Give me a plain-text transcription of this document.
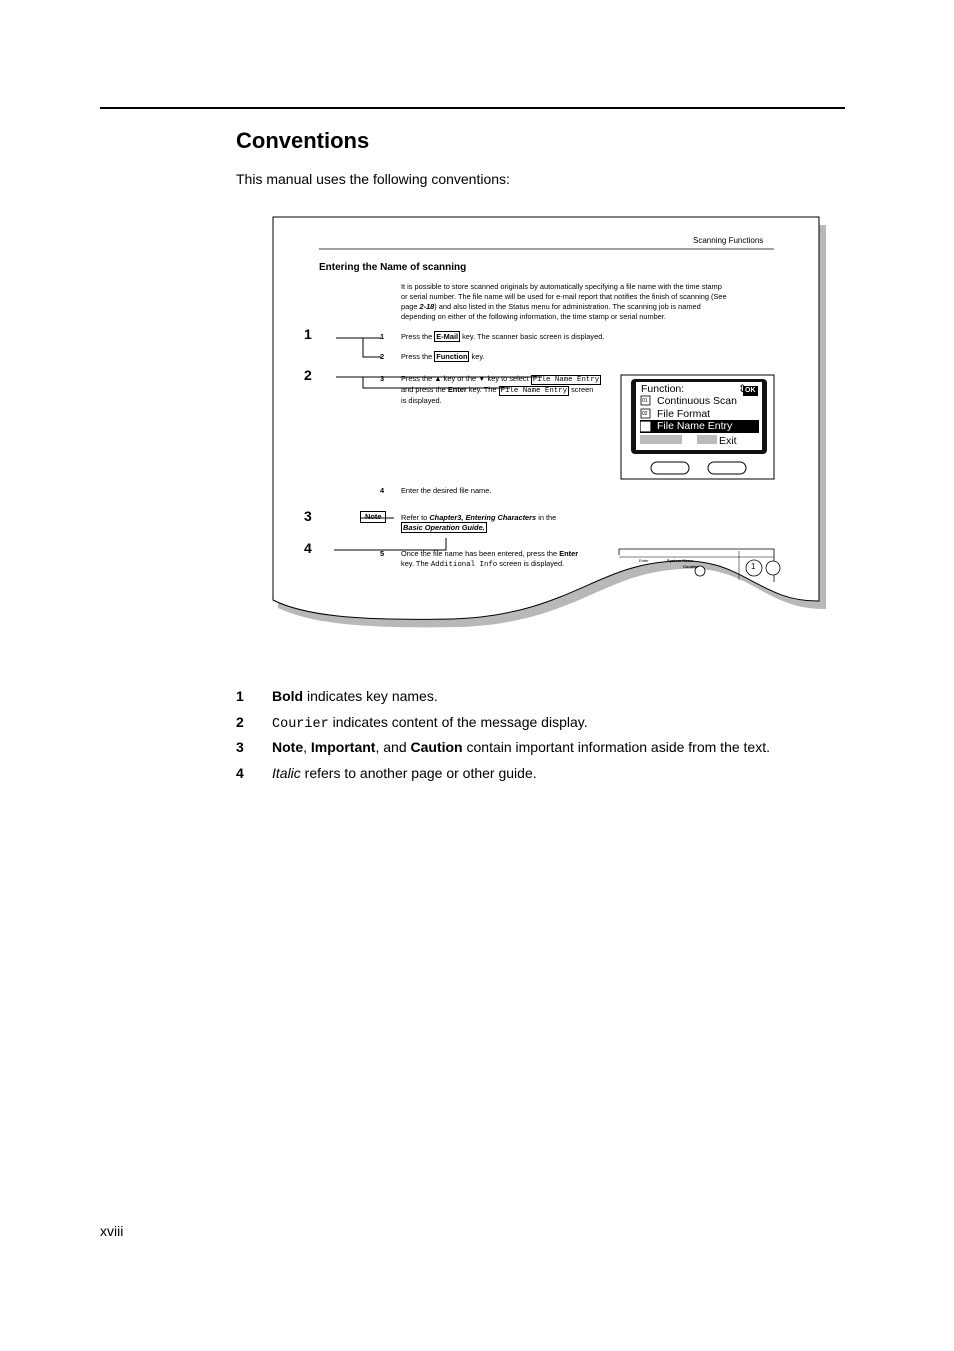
Conventions
This manual uses the following conventions:
Scanning Functions
Entering the Name of scanning
It is possible to store scanned originals by automatically specifying a file name with the time stamp
or serial number. The file name will be used for e-mail report that notifies the finish of scanning (See
page 2-18) and also listed in the Status menu for administration. The scanning job is named
depending on either of the following information, the time stamp or serial number.
1 Press the E-Mail key. The scanner basic screen is displayed.
2 Press the Function key.
3 Press the ▲ key or the ▼ key to select File Name Entry
and press the Enter key. The File Name Entry screen
is displayed.
Function:	⇕
OK
01 Continuous Scan
02 File Format
03 File Name Entry
Exit
4 Enter the desired file name.
Note	Refer to Chapter3, Entering Characters in the
Basic Operation Guide.
5 Once the file name has been entered, press the Enter
key. The Additional Info screen is displayed.	Enter	System Menu
Counter	1
1
2
3
4
1 Bold indicates key names.
2 Courier indicates content of the message display.
3 Note, Important, and Caution contain important information aside from the text.
4 Italic refers to another page or other guide.
xviii
